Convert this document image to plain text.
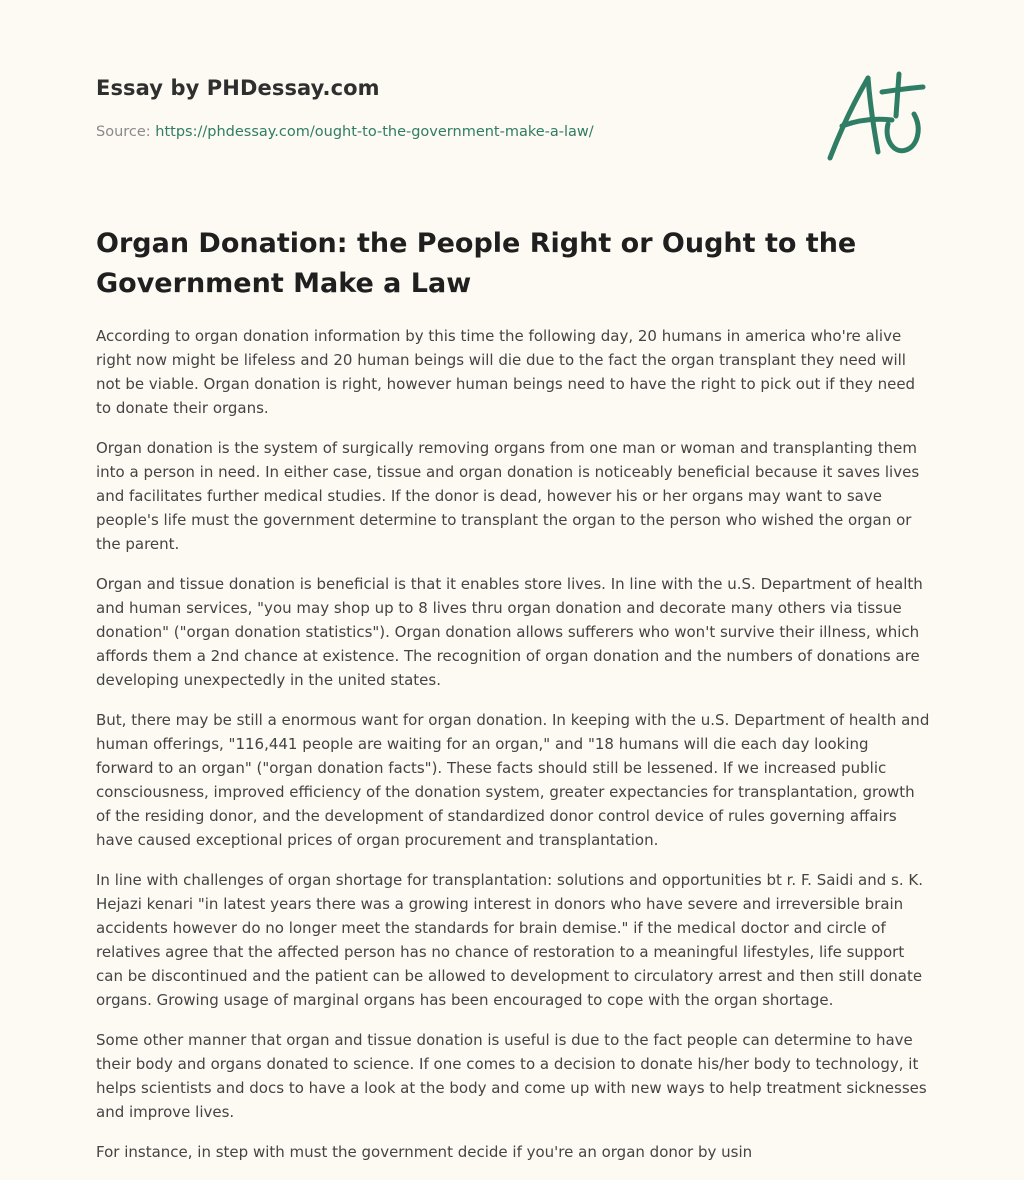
Essay by PHDessay.com
Source: https://phdessay.com/ought-to-the-government-make-a-law/
Organ Donation: the People Right or Ought to the Government Make a Law

According to organ donation information by this time the following day, 20 humans in america who're alive right now might be lifeless and 20 human beings will die due to the fact the organ transplant they need will not be viable. Organ donation is right, however human beings need to have the right to pick out if they need to donate their organs.

Organ donation is the system of surgically removing organs from one man or woman and transplanting them into a person in need. In either case, tissue and organ donation is noticeably beneficial because it saves lives and facilitates further medical studies. If the donor is dead, however his or her organs may want to save people's life must the government determine to transplant the organ to the person who wished the organ or the parent.

Organ and tissue donation is beneficial is that it enables store lives. In line with the u.S. Department of health and human services, "you may shop up to 8 lives thru organ donation and decorate many others via tissue donation" ("organ donation statistics"). Organ donation allows sufferers who won't survive their illness, which affords them a 2nd chance at existence. The recognition of organ donation and the numbers of donations are developing unexpectedly in the united states.

But, there may be still a enormous want for organ donation. In keeping with the u.S. Department of health and human offerings, "116,441 people are waiting for an organ," and "18 humans will die each day looking forward to an organ" ("organ donation facts"). These facts should still be lessened. If we increased public consciousness, improved efficiency of the donation system, greater expectancies for transplantation, growth of the residing donor, and the development of standardized donor control device of rules governing affairs have caused exceptional prices of organ procurement and transplantation.

In line with challenges of organ shortage for transplantation: solutions and opportunities bt r. F. Saidi and s. K. Hejazi kenari "in latest years there was a growing interest in donors who have severe and irreversible brain accidents however do no longer meet the standards for brain demise." if the medical doctor and circle of relatives agree that the affected person has no chance of restoration to a meaningful lifestyles, life support can be discontinued and the patient can be allowed to development to circulatory arrest and then still donate organs. Growing usage of marginal organs has been encouraged to cope with the organ shortage.

Some other manner that organ and tissue donation is useful is due to the fact people can determine to have their body and organs donated to science. If one comes to a decision to donate his/her body to technology, it helps scientists and docs to have a look at the body and come up with new ways to help treatment sicknesses and improve lives.

For instance, in step with must the government decide if you're an organ donor by usin
